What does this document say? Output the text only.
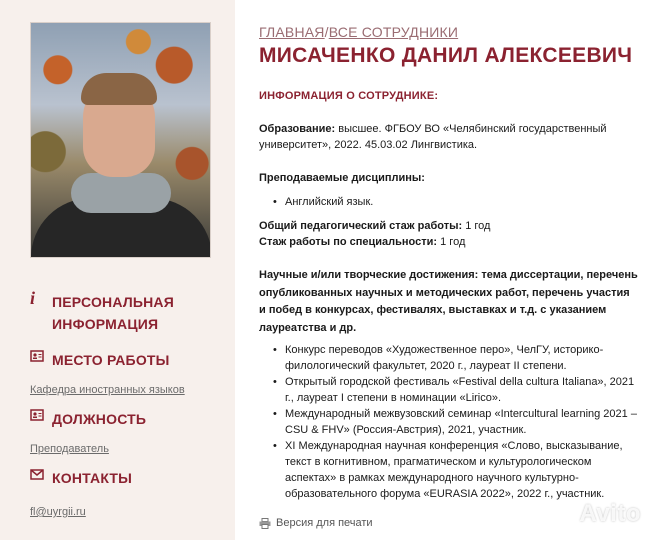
i	ПЕРСОНАЛЬНАЯ ИНФОРМАЦИЯ
МЕСТО РАБОТЫ
Кафедра иностранных языков
ДОЛЖНОСТЬ
Преподаватель
КОНТАКТЫ
fl@uyrgii.ru
ГЛАВНАЯ/ВСЕ СОТРУДНИКИ
МИСАЧЕНКО ДАНИЛ АЛЕКСЕЕВИЧ
ИНФОРМАЦИЯ О СОТРУДНИКЕ:
Образование: высшее. ФГБОУ ВО «Челябинский государственный университет», 2022. 45.03.02 Лингвистика.
Преподаваемые дисциплины:
• Английский язык.
Общий педагогический стаж работы: 1 год
Стаж работы по специальности: 1 год
Научные и/или творческие достижения: тема диссертации, перечень опубликованных научных и методических работ, перечень участия и побед в конкурсах, фестивалях, выставках и т.д. с указанием лауреатства и др.
• Конкурс переводов «Художественное перо», ЧелГУ, историко-филологический факультет, 2020 г., лауреат II степени.
• Открытый городской фестиваль «Festival della cultura Italiana», 2021 г., лауреат I степени в номинации «Lirico».
• Международный межвузовский семинар «Intercultural learning 2021 – CSU & FHV» (Россия-Австрия), 2021, участник.
• XI Международная научная конференция «Слово, высказывание, текст в когнитивном, прагматическом и культурологическом аспектах» в рамках международного научного культурно-образовательного форума «EURASIA 2022», 2022 г., участник.
Версия для печати	Avito
